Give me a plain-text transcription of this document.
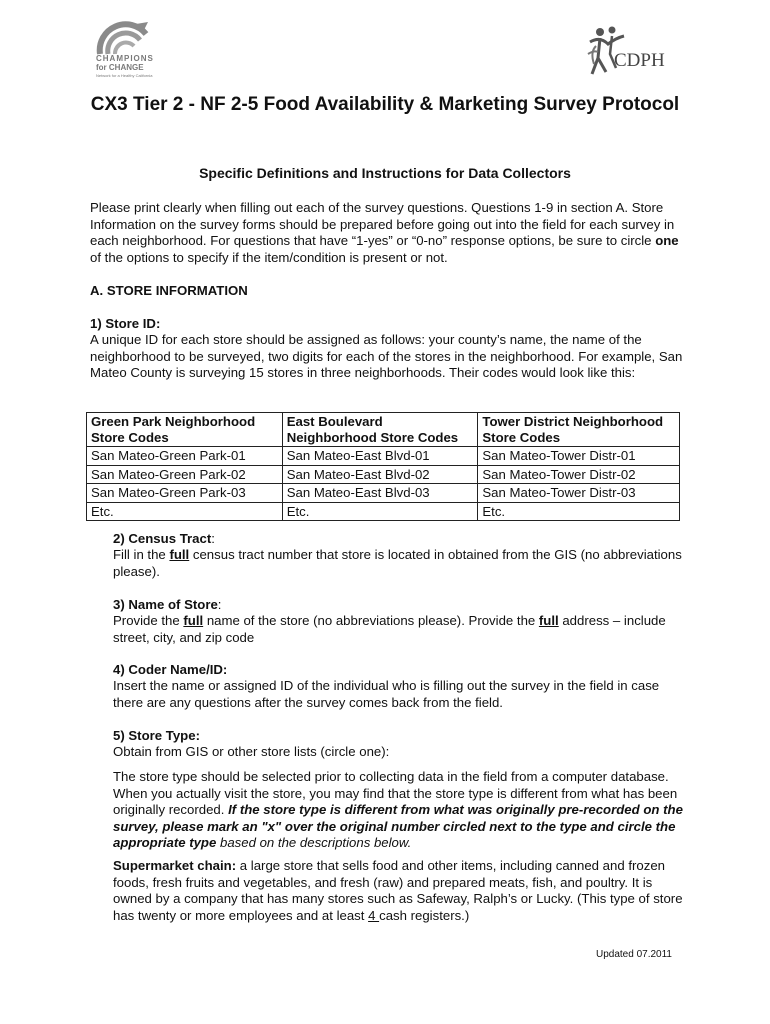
CHAMPIONS
for CHANGE
Network for a Healthy California
CDPH
CX3 Tier 2 - NF 2-5 Food Availability & Marketing Survey Protocol
Specific Definitions and Instructions for Data Collectors

Please print clearly when filling out each of the survey questions. Questions 1-9 in section A. Store Information on the survey forms should be prepared before going out into the field for each survey in each neighborhood. For questions that have “1-yes” or “0-no” response options, be sure to circle one of the options to specify if the item/condition is present or not.

A. STORE INFORMATION

1) Store ID:

A unique ID for each store should be assigned as follows: your county’s name, the name of the neighborhood to be surveyed, two digits for each of the stores in the neighborhood. For example, San Mateo County is surveying 15 stores in three neighborhoods. Their codes would look like this:

Green Park Neighborhood Store Codes	East Boulevard Neighborhood Store Codes	Tower District Neighborhood Store Codes
San Mateo-Green Park-01	San Mateo-East Blvd-01	San Mateo-Tower Distr-01
San Mateo-Green Park-02	San Mateo-East Blvd-02	San Mateo-Tower Distr-02
San Mateo-Green Park-03	San Mateo-East Blvd-03	San Mateo-Tower Distr-03
Etc.	Etc.	Etc.

2) Census Tract:

Fill in the full census tract number that store is located in obtained from the GIS (no abbreviations please).

3) Name of Store:

Provide the full name of the store (no abbreviations please). Provide the full address – include street, city, and zip code

4) Coder Name/ID:

Insert the name or assigned ID of the individual who is filling out the survey in the field in case there are any questions after the survey comes back from the field.

5) Store Type:

Obtain from GIS or other store lists (circle one):

The store type should be selected prior to collecting data in the field from a computer database. When you actually visit the store, you may find that the store type is different from what has been originally recorded. If the store type is different from what was originally pre-recorded on the survey, please mark an "x" over the original number circled next to the type and circle the appropriate type based on the descriptions below.

Supermarket chain: a large store that sells food and other items, including canned and frozen foods, fresh fruits and vegetables, and fresh (raw) and prepared meats, fish, and poultry. It is owned by a company that has many stores such as Safeway, Ralph’s or Lucky. (This type of store has twenty or more employees and at least 4 cash registers.)

Updated 07.2011
